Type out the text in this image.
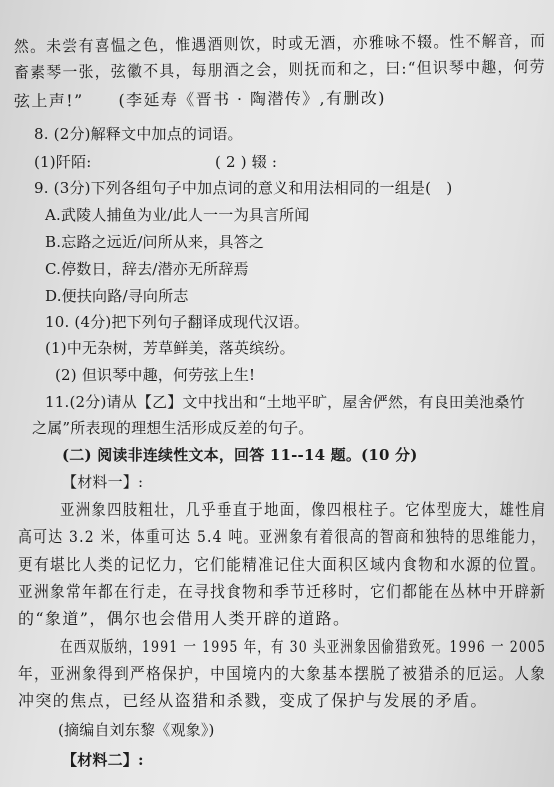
然。未尝有喜愠之色，惟遇酒则饮，时或无酒，亦雅咏不辍。性不解音，而
畜素琴一张，弦徽不具，每朋酒之会，则抚而和之，曰:“但识琴中趣，何劳
弦上声!”　　(李延寿《晋书 · 陶潜传》,有删改)
8. (2分)解释文中加点的词语。
(1)阡陌:	( 2 ) 辍 :
9. (3分)下列各组句子中加点词的意义和用法相同的一组是(　)
A.武陵人捕鱼为业/此人一一为具言所闻
B.忘路之远近/问所从来，具答之
C.停数日，辞去/潜亦无所辞焉
D.便扶向路/寻向所志
10. (4分)把下列句子翻译成现代汉语。
(1)中无杂树，芳草鲜美，落英缤纷。
(2) 但识琴中趣，何劳弦上生!
11.(2分)请从【乙】文中找出和“土地平旷，屋舍俨然，有良田美池桑竹
之属”所表现的理想生活形成反差的句子。
(二) 阅读非连续性文本，回答 11--14 题。(10 分)
【材料一】:
亚洲象四肢粗壮，几乎垂直于地面，像四根柱子。它体型庞大，雄性肩
高可达 3.2 米，体重可达 5.4 吨。亚洲象有着很高的智商和独特的思维能力，
更有堪比人类的记忆力，它们能精准记住大面积区域内食物和水源的位置。
亚洲象常年都在行走，在寻找食物和季节迁移时，它们都能在丛林中开辟新
的“象道”，偶尔也会借用人类开辟的道路。
在西双版纳，1991 一 1995 年，有 30 头亚洲象因偷猎致死。1996 一 2005
年，亚洲象得到严格保护，中国境内的大象基本摆脱了被猎杀的厄运。人象
冲突的焦点，已经从盗猎和杀戮，变成了保护与发展的矛盾。
(摘编自刘东黎《观象》)
【材料二】:
